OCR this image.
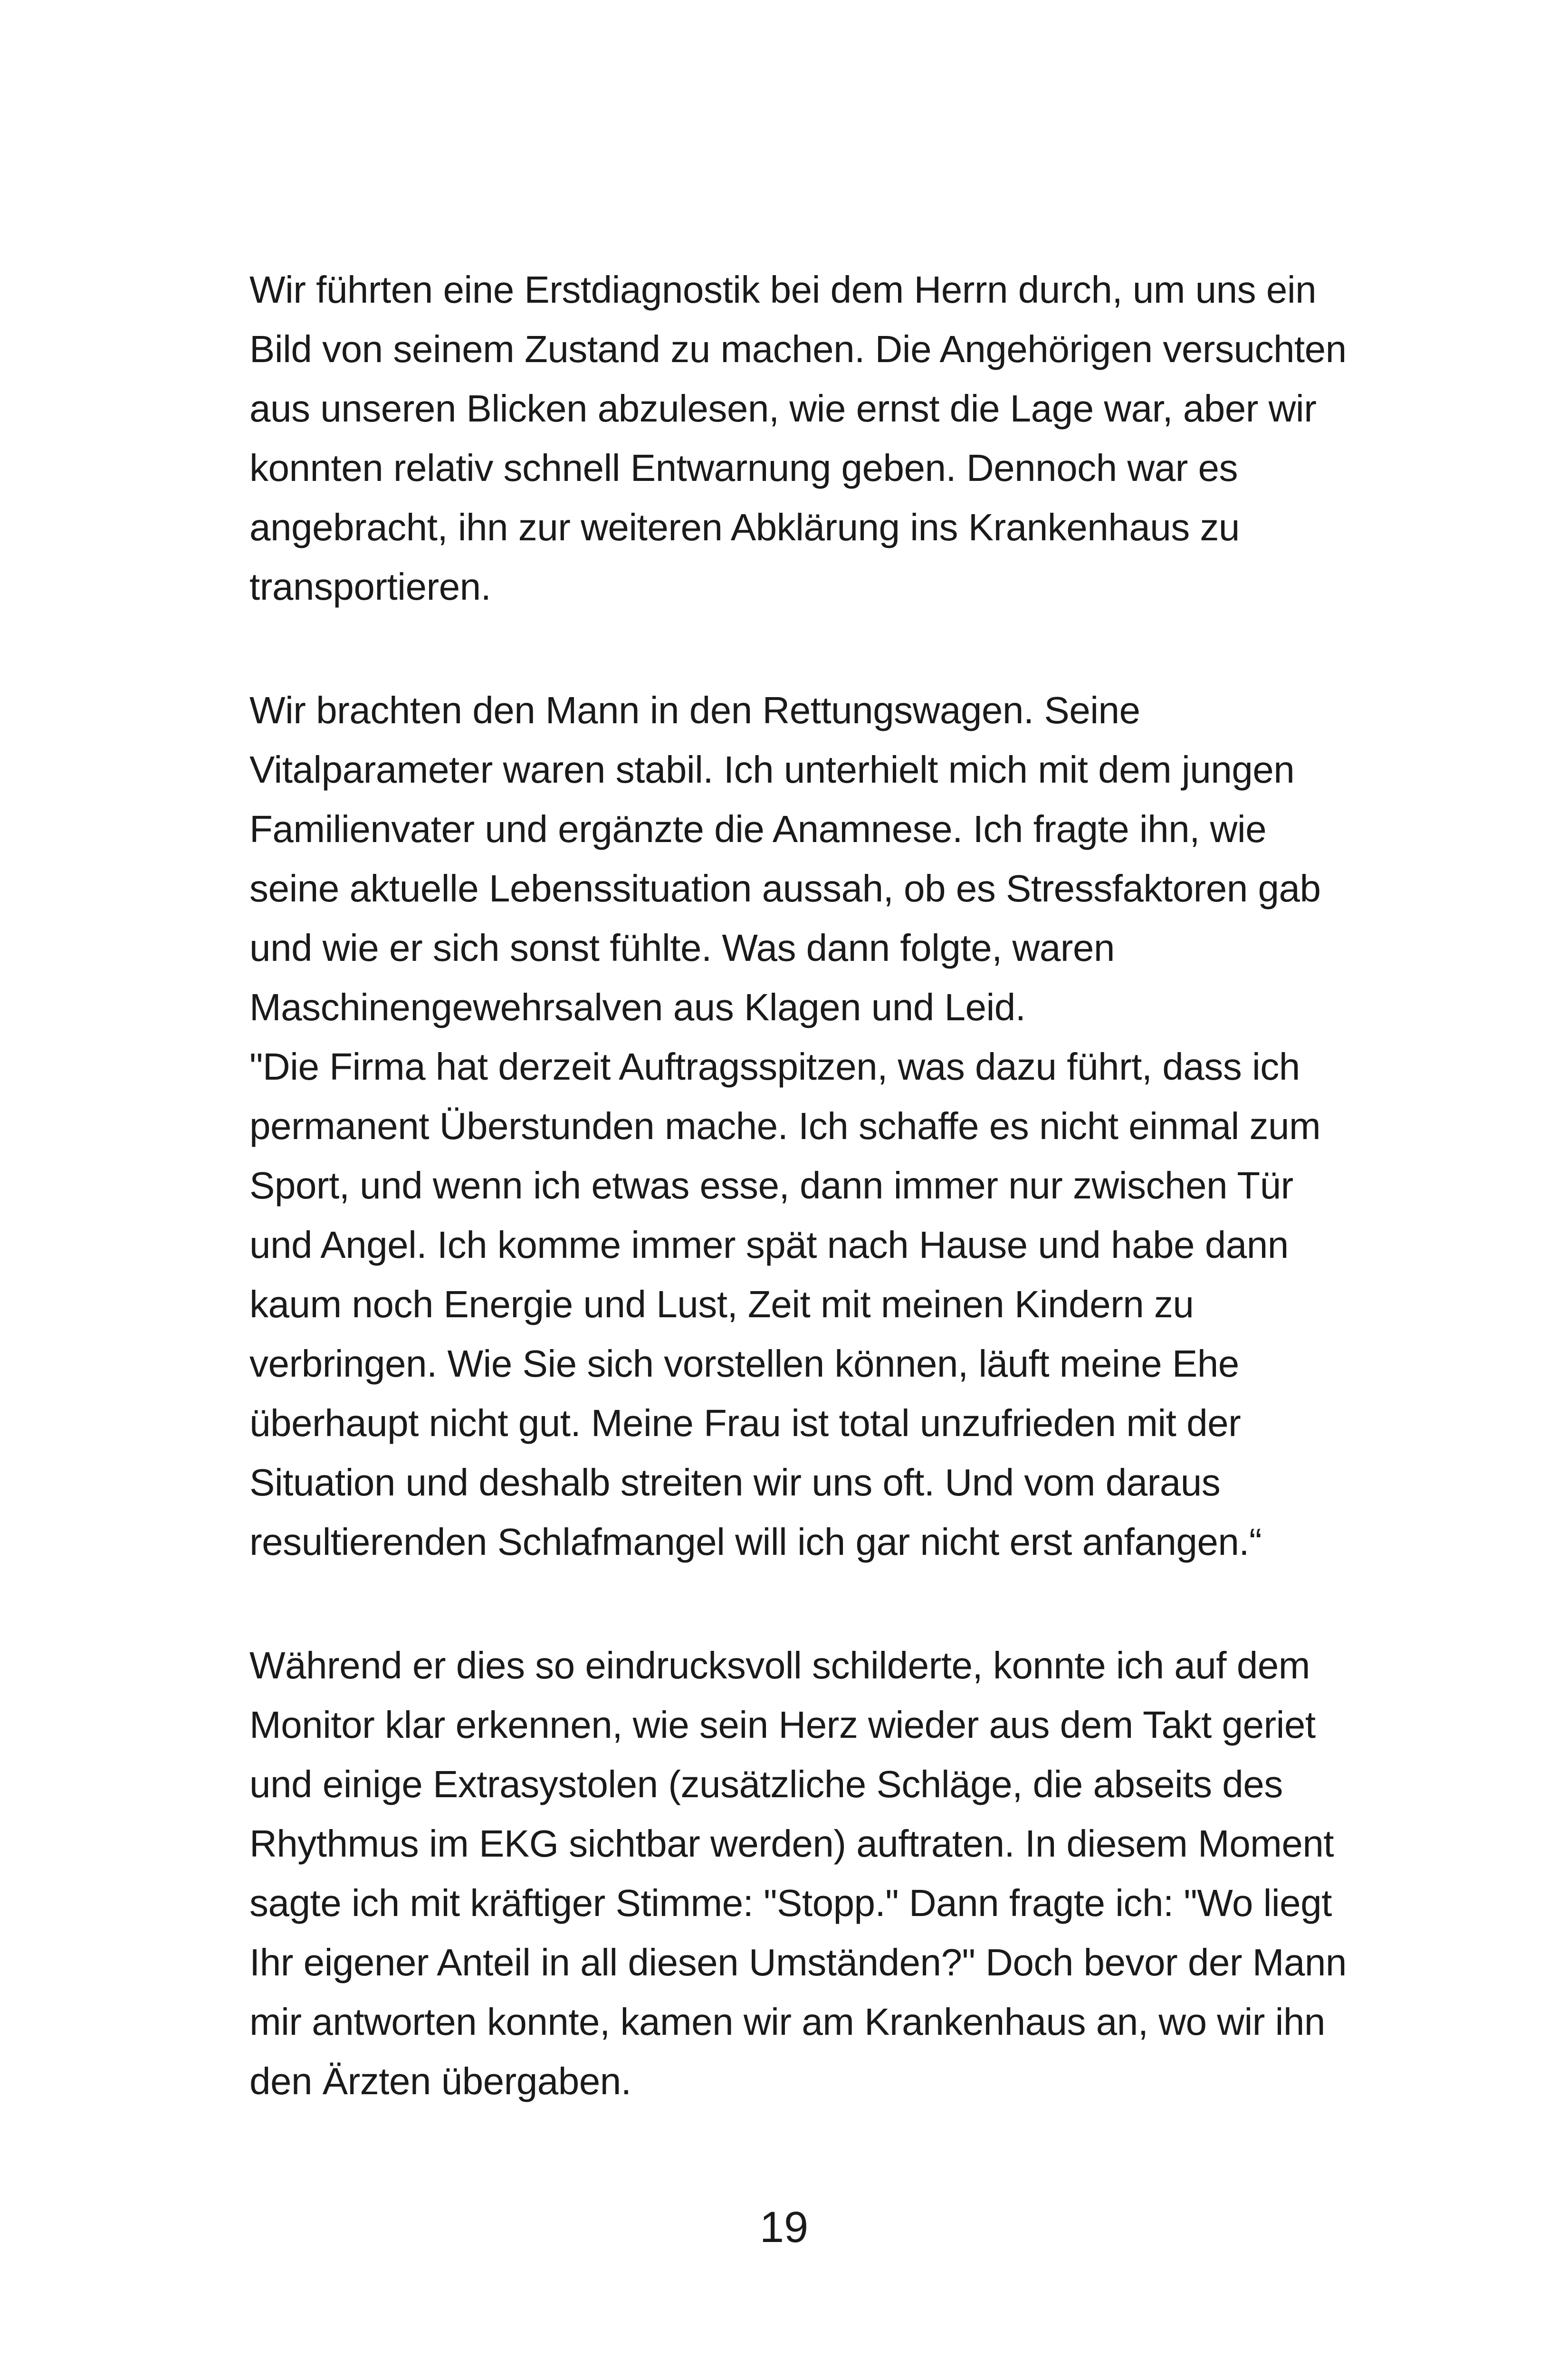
Wir führten eine Erstdiagnostik bei dem Herrn durch, um uns ein
Bild von seinem Zustand zu machen. Die Angehörigen versuchten
aus unseren Blicken abzulesen, wie ernst die Lage war, aber wir
konnten relativ schnell Entwarnung geben. Dennoch war es
angebracht, ihn zur weiteren Abklärung ins Krankenhaus zu
transportieren.
Wir brachten den Mann in den Rettungswagen. Seine
Vitalparameter waren stabil. Ich unterhielt mich mit dem jungen
Familienvater und ergänzte die Anamnese. Ich fragte ihn, wie
seine aktuelle Lebenssituation aussah, ob es Stressfaktoren gab
und wie er sich sonst fühlte. Was dann folgte, waren
Maschinengewehrsalven aus Klagen und Leid.
"Die Firma hat derzeit Auftragsspitzen, was dazu führt, dass ich
permanent Überstunden mache. Ich schaffe es nicht einmal zum
Sport, und wenn ich etwas esse, dann immer nur zwischen Tür
und Angel. Ich komme immer spät nach Hause und habe dann
kaum noch Energie und Lust, Zeit mit meinen Kindern zu
verbringen. Wie Sie sich vorstellen können, läuft meine Ehe
überhaupt nicht gut. Meine Frau ist total unzufrieden mit der
Situation und deshalb streiten wir uns oft. Und vom daraus
resultierenden Schlafmangel will ich gar nicht erst anfangen.“
Während er dies so eindrucksvoll schilderte, konnte ich auf dem
Monitor klar erkennen, wie sein Herz wieder aus dem Takt geriet
und einige Extrasystolen (zusätzliche Schläge, die abseits des
Rhythmus im EKG sichtbar werden) auftraten. In diesem Moment
sagte ich mit kräftiger Stimme: "Stopp." Dann fragte ich: "Wo liegt
Ihr eigener Anteil in all diesen Umständen?" Doch bevor der Mann
mir antworten konnte, kamen wir am Krankenhaus an, wo wir ihn
den Ärzten übergaben.
19
